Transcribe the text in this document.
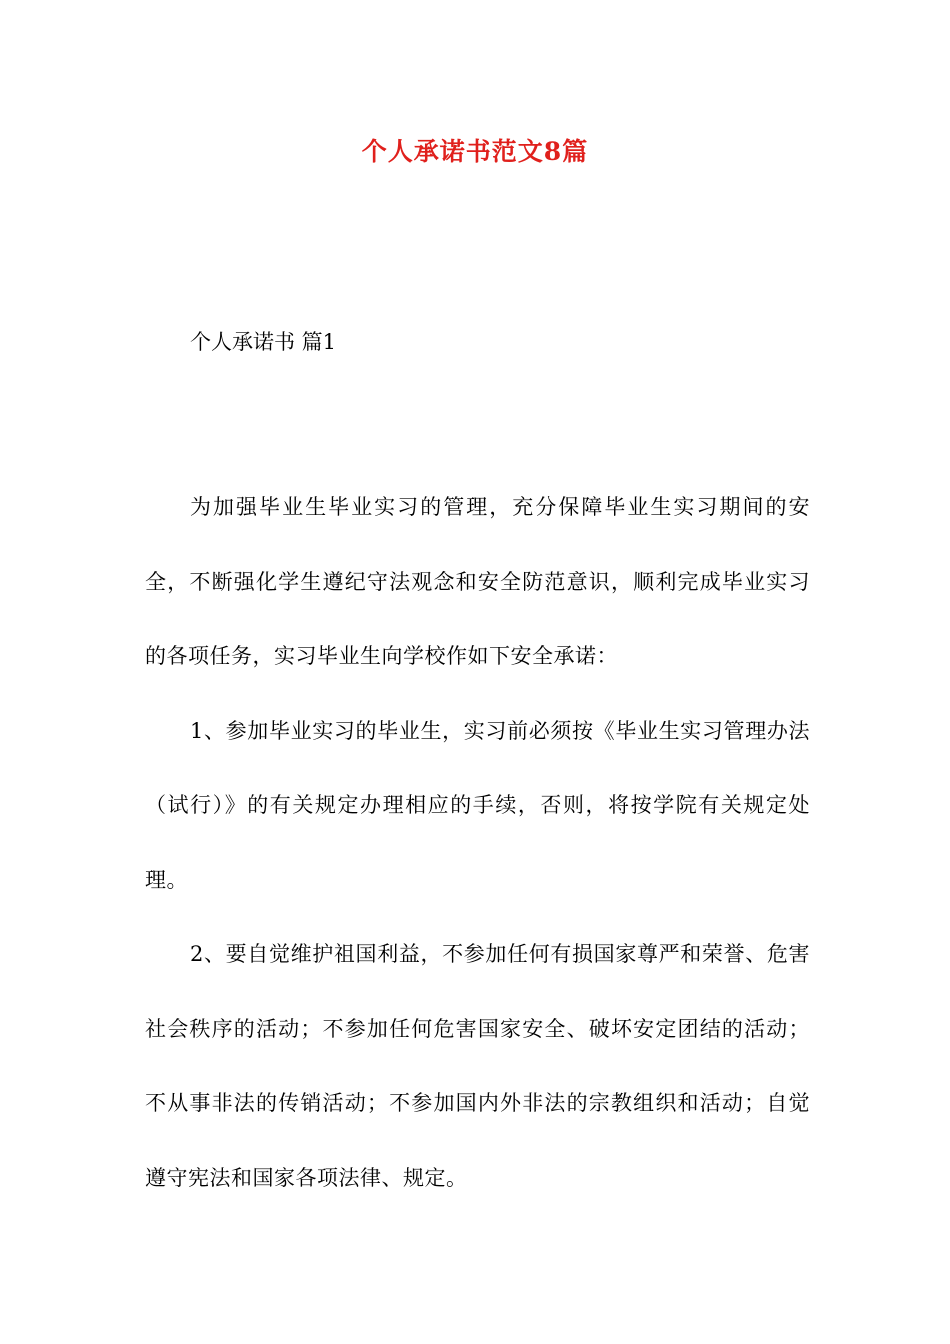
个人承诺书范文8篇
个人承诺书 篇1

为加强毕业生毕业实习的管理，充分保障毕业生实习期间的安全，不断强化学生遵纪守法观念和安全防范意识，顺利完成毕业实习的各项任务，实习毕业生向学校作如下安全承诺：

1、参加毕业实习的毕业生，实习前必须按《毕业生实习管理办法（试行）》的有关规定办理相应的手续，否则，将按学院有关规定处理。

2、要自觉维护祖国利益，不参加任何有损国家尊严和荣誉、危害社会秩序的活动；不参加任何危害国家安全、破坏安定团结的活动；不从事非法的传销活动；不参加国内外非法的宗教组织和活动；自觉遵守宪法和国家各项法律、规定。
